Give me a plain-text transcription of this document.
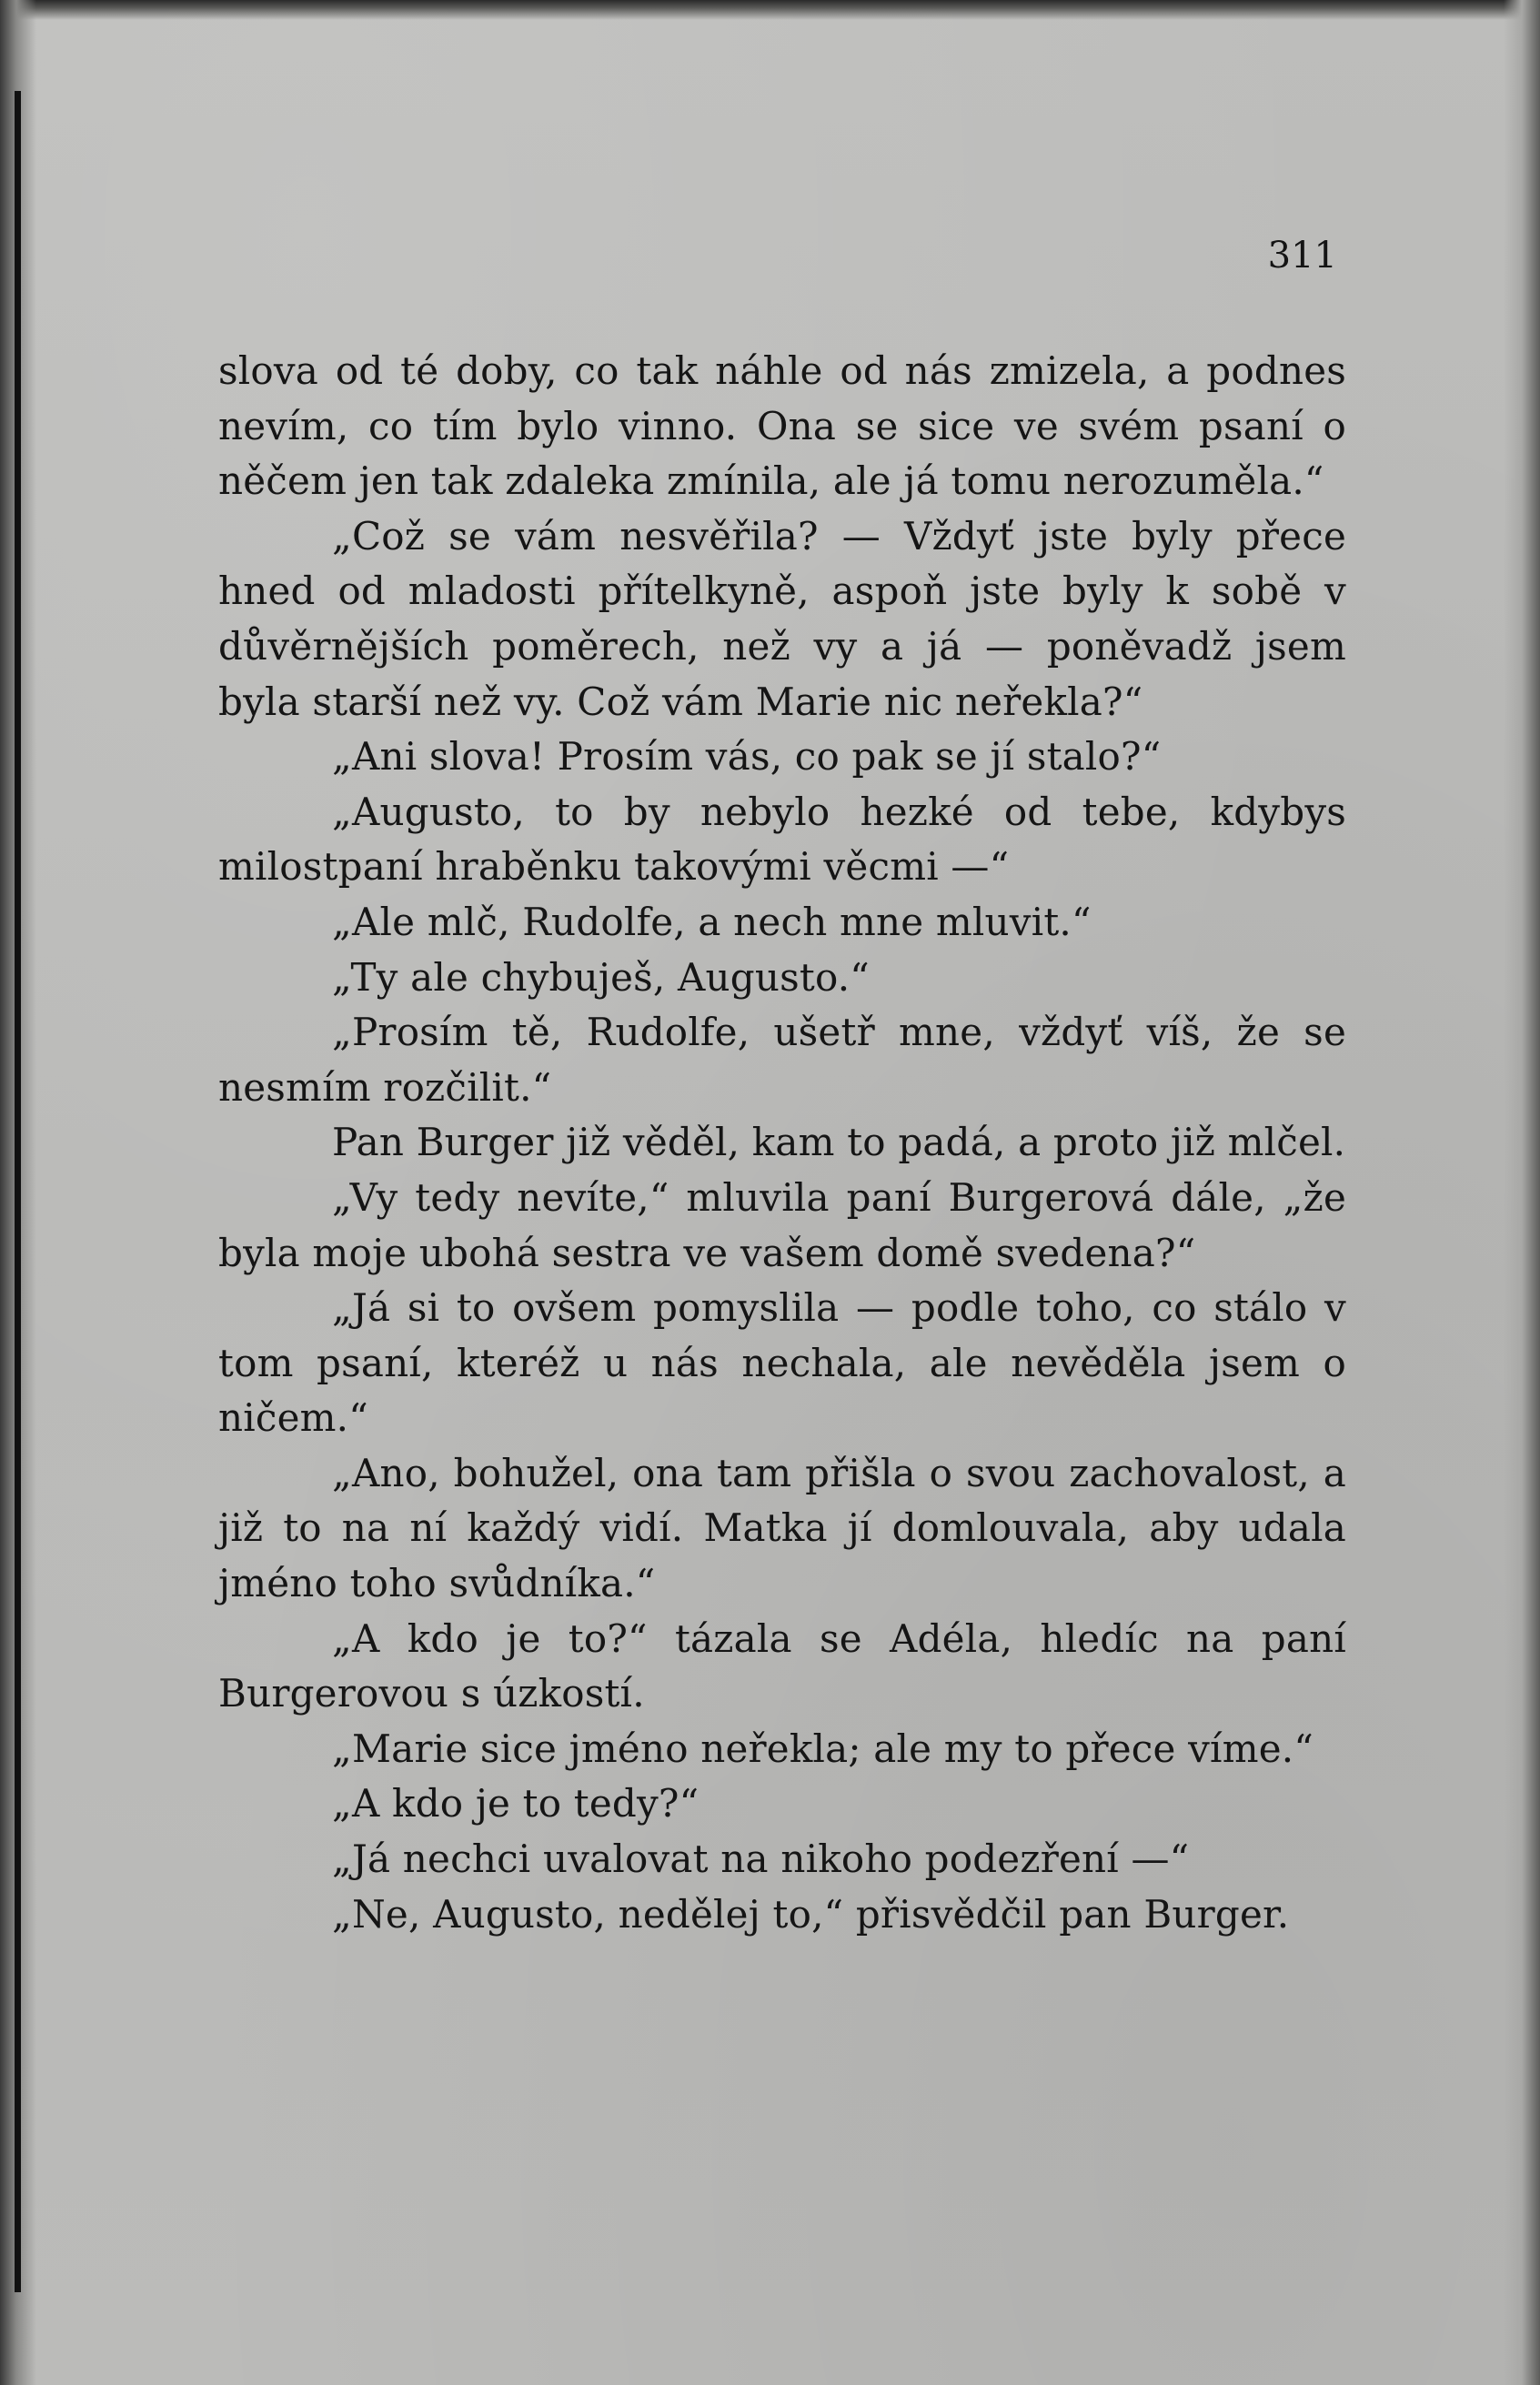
311

slova od té doby, co tak náhle od nás zmizela, a podnes nevím, co tím bylo vinno. Ona se sice ve svém psaní o něčem jen tak zdaleka zmínila, ale já tomu nerozuměla.“

„Což se vám nesvěřila? — Vždyť jste byly přece hned od mladosti přítelkyně, aspoň jste byly k sobě v důvěrnějších poměrech, než vy a já — poněvadž jsem byla starší než vy. Což vám Marie nic neřekla?“

„Ani slova! Prosím vás, co pak se jí stalo?“

„Augusto, to by nebylo hezké od tebe, kdybys milostpaní hraběnku takovými věcmi —“

„Ale mlč, Rudolfe, a nech mne mluvit.“

„Ty ale chybuješ, Augusto.“

„Prosím tě, Rudolfe, ušetř mne, vždyť víš, že se nesmím rozčilit.“

Pan Burger již věděl, kam to padá, a proto již mlčel.

„Vy tedy nevíte,“ mluvila paní Burgerová dále, „že byla moje ubohá sestra ve vašem domě svedena?“

„Já si to ovšem pomyslila — podle toho, co stálo v tom psaní, kteréž u nás nechala, ale nevěděla jsem o ničem.“

„Ano, bohužel, ona tam přišla o svou zachovalost, a již to na ní každý vidí. Matka jí domlouvala, aby udala jméno toho svůdníka.“

„A kdo je to?“ tázala se Adéla, hledíc na paní Burgerovou s úzkostí.

„Marie sice jméno neřekla; ale my to přece víme.“

„A kdo je to tedy?“

„Já nechci uvalovat na nikoho podezření —“

„Ne, Augusto, nedělej to,“ přisvědčil pan Burger.
